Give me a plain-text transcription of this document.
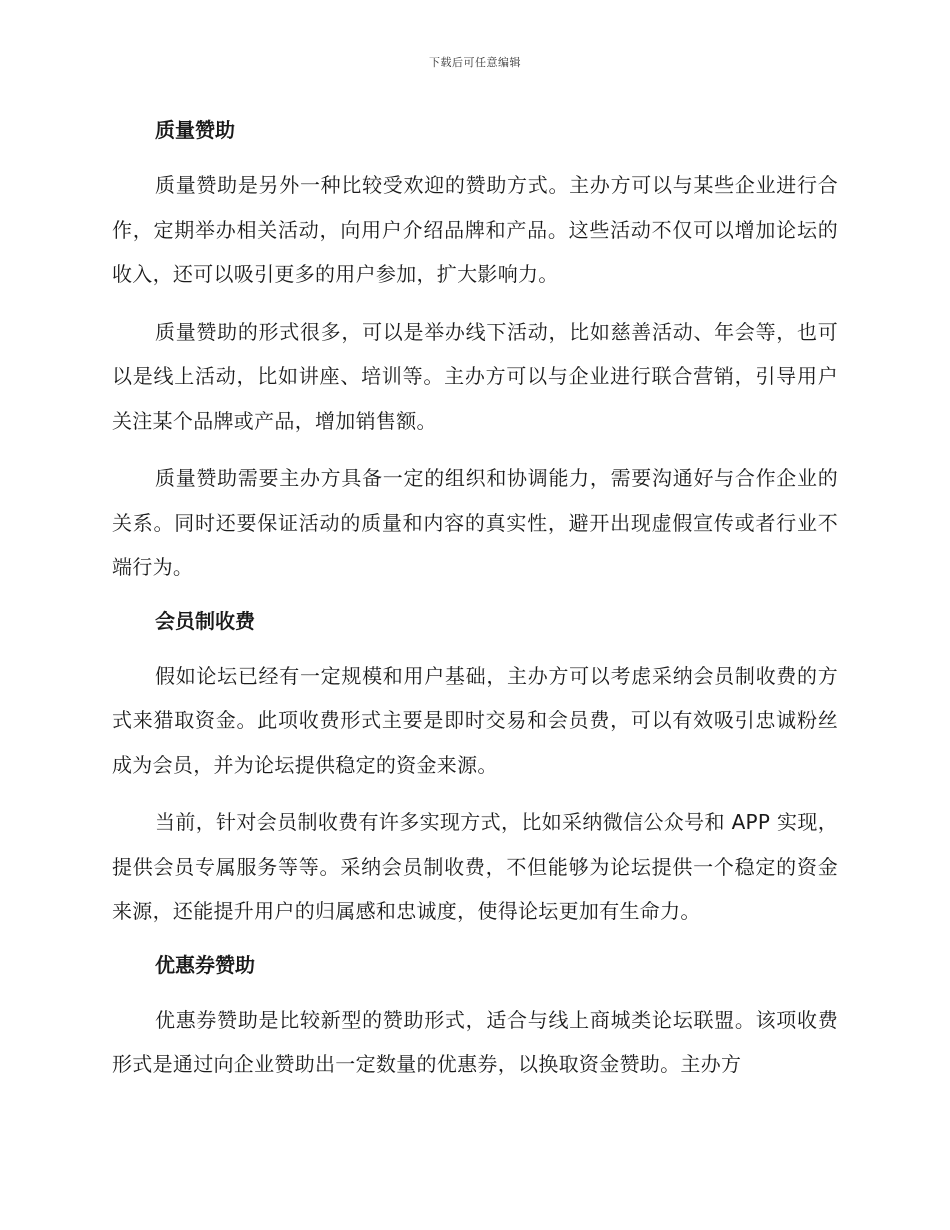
下载后可任意编辑
质量赞助

质量赞助是另外一种比较受欢迎的赞助方式。主办方可以与某些企业进行合作，定期举办相关活动，向用户介绍品牌和产品。这些活动不仅可以增加论坛的收入，还可以吸引更多的用户参加，扩大影响力。

质量赞助的形式很多，可以是举办线下活动，比如慈善活动、年会等，也可以是线上活动，比如讲座、培训等。主办方可以与企业进行联合营销，引导用户关注某个品牌或产品，增加销售额。

质量赞助需要主办方具备一定的组织和协调能力，需要沟通好与合作企业的关系。同时还要保证活动的质量和内容的真实性，避开出现虚假宣传或者行业不端行为。

会员制收费

假如论坛已经有一定规模和用户基础，主办方可以考虑采纳会员制收费的方式来猎取资金。此项收费形式主要是即时交易和会员费，可以有效吸引忠诚粉丝成为会员，并为论坛提供稳定的资金来源。

当前，针对会员制收费有许多实现方式，比如采纳微信公众号和 APP 实现，提供会员专属服务等等。采纳会员制收费，不但能够为论坛提供一个稳定的资金来源，还能提升用户的归属感和忠诚度，使得论坛更加有生命力。

优惠券赞助

优惠券赞助是比较新型的赞助形式，适合与线上商城类论坛联盟。该项收费形式是通过向企业赞助出一定数量的优惠券，以换取资金赞助。主办方
